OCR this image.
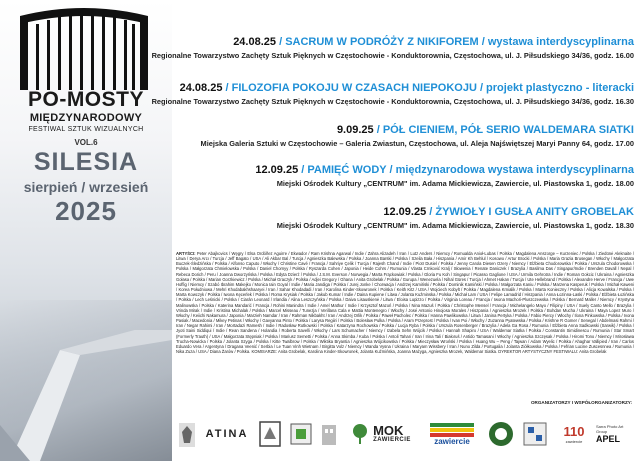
PO-MOSTY
MIĘDZYNARODOWY
FESTIWAL SZTUK WIZUALNYCH
VOL.6
SILESIA
sierpień / wrzesień
2025
24.08.25 / SACRUM W PODRÓŻY Z NIKIFOREM / wystawa interdyscyplinarna
Regionalne Towarzystwo Zachęty Sztuk Pięknych w Częstochowie - Konduktorownia, Częstochowa, ul. J. Piłsudskiego 34/36, godz. 16.00
24.08.25 / FILOZOFIA POKOJU W CZASACH NIEPOKOJU / projekt plastyczno - literacki
Regionalne Towarzystwo Zachęty Sztuk Pięknych w Częstochowie - Konduktorownia, Częstochowa, ul. J. Piłsudskiego 34/36, godz. 16.30
9.09.25 / PÓŁ CIENIEM, PÓŁ SERIO WALDEMARA SIATKI
Miejska Galeria Sztuki w Częstochowie – Galeria Zwiastun, Częstochowa, ul. Aleja Najświętszej Maryi Panny 64, godz. 17.00
12.09.25 / PAMIĘĆ WODY / międzynarodowa wystawa interdyscyplinarna
Miejski Ośrodek Kultury „CENTRUM" im. Adama Mickiewicza, Zawiercie, ul. Piastowska 1, godz. 18.00
12.09.25 / ŻYWIOŁY I GUSŁA ANITY GROBELAK
Miejski Ośrodek Kultury „CENTRUM" im. Adama Mickiewicza, Zawiercie, ul. Piastowska 1, godz. 18.30
ARTYŚCI: Peter Abajkovics / Węgry / Elsa Ordóñez Aguirre / Ekwador / Ram Krishna Agarwal / Indie / Zahra Alizadeh / Iran / Lutz Anders / Niemcy / Romualda Anioł-Lubas / Polska / Magdalena Anszorge – Kurzeniec / Polska / Ziedūnė Aleknaite / Litwa / Derya Arcı / Turcja / Jeff Bagato / USA / Ali Akbar Bal / Turcja / Agnieszka Balewska / Polska / Joanna Barski / Polska / Szeila Bała / Hiszpania / Amir Kh Behlul / Kosowo / Artur Brocki / Polska / Maria Grazia Brusegan / Włochy / Małgorzata Buczek-Śledzińska / Polska / Alfonso Caputo / Włochy / Christine Cavé / Francja / Sahriye Çelik / Turcja / Rajesh Chand / Indie / Piotr Dusiel / Polska / Jenny Carola Diesen Ozery / Niemcy / Elżbieta Chodorowska / Polska / Urszula Chodorowska / Polska / Małgorzata Chmielowska / Polska / Daniel Chornyy / Polska / Ryszarda Cohen / Japonia / Heide Cohrs / Rumunia / Vlasta Crnković Kralj / Słowenia / Renate Daniczek / Brazylia / Basilma Das / Singapur/Indie / Brenden Davall / Nepal / Rebeca Dorich / Peru / Joanna Dworzyńska / Polska / Edyta Dzierż / Polska / J.S.M. Everson / Norwegia / Marta Frąckowiak / Polska / Gloria Fu Koh / Singapur / Picasso Gaglione / USA / Urmila Gehrotra / Indie / Roman Gokcic / Ukraina / Agnieszka Gołasa / Polska / Marian Gorzkiewicz / Polska / Michał Graczyk / Polska / Adjei Gregory / Ghana / Anita Grobelak / Polska / Gurupa / Wenezuela / Nihal Güres / Turcja / Ahmet Hakan / Turcja / Ute Hellebrand / Polska / Alexandre Herve / Francja / Uwe Hoffig / Niemcy / Szabó Ibrahim Makejko / Monica Iain Goyal / Indie / Maria Jandiga / Polska / Jurej Jonke / Chorwacja / Andrzej Kamiński / Polska / Dominik Kamiński / Polska / Małgorzata Kaniu / Polska / Marzena Kasperuk / Polska / Michał Kaweni / Korea Południowa / Mehri Khodabakhshaaryei / Iran / Sahar Khodadadi / Iran / Karolina Kinder-Skowronek / Polska / Keith Kitz / USA / Wojciech Kobylt / Polska / Magdalena Krnialik / Polska / Marta Konieczny / Polska / Alicja Kowalska / Polska / Marta Kowczyk / Polska / Iwona Kęcerlek / Polska / Roma Krysiak / Polska / Jakub Kumar / Indie / Daina Kupiene / Litwa / Jolanta Kuźminska / Polska / Michał Lam / USA / Felipe Lamadrid / Hiszpania / Anna Łozinna-Laski / Polska / Elżbieta Łozińska / Polska / Lech Leśnicki / Polska / Ciarán Leonard / Irlandia / Alina Leszczyńska / Polska / Daiva Lisauskienė / Litwa / Eloisa Lupizzo / Polska / Virginia Loreau / Francja / Iwona Machoń-Pluszczewska / Polska / Bernard Maller / Niemcy / Krystyna Malinowska / Polska / Katerina Mandarić / Francja / Rohini Manindra / Indie / Amel Mathur / Indie / Krzysztof Mazoń / Polska / Nina Mazuś / Polska / Christophe Mensel / Francja / Michelangelo Mayo / Filipiny / USA / Suely Canto Mello / Brazylia / Vrinda Mirak / Indie / Kristina Michalak / Polska / Marcel Misseau / Tunezja / Verillana Cala e Mattia Montenegro / Włochy / José Antonio Hinojosa Morales / Hiszpania / Agnieszka Mrozek / Polska / Bohdan Mucha / Ukraina / Maya Lopez Muro / Włochy / Keiichi Nakamura / Japonia / Marzieh Namdar / Iran / Rahman Nikbakht / Iran / Andrzej Orlik / Polska / Paweł Pacholec / Polska / Hanna Pawlikowska / Litwa / Janina Pertyka / Polska / Fabio Piercy / Włochy / Ilona Pinkowska / Polska / Ivona Pasiak / Macedonia / Mikey Petinas / Włochy / Gavyanna Pinto / Polska / Larysa Regiiri / Polska / Bolesław Pulka / Polska / Aram Przeprost / Polska / Ivan Poi / Włochy / Zuzanna Pyatewska / Polska / Krishne R Gomer / Senegal / Abdelmasi Rahmi / Iran / Negar Rahimi / Iran / Mortadazi Ramesh / Indie / Radosław Rutkowski / Polska / Katarzyna Rochowska / Polska / Lucja Ryba / Polska / Urszula Rosenberger / Brazylia / Adela Ga Rosa / Rumunia / Elżbieta Anna Sadkowski (Sarwik) / Polska / Jyoti Saini Siddiqui / Indie / Rean Sandena / Holandia / Roberta Savelli / Włochy / Lars Schumacher / Niemcy / Izabela Sehn Wójcik / Polska / Hannah Shapiro / USA / Waldemar Siatka / Polska / Constantin Simidinescu / Rumunia / Star Smart (Formerly Trauth) / USA / Małgorzata Stępniak / Polska / Mariusz Semetti / Polska / Anna Skimba / Kuba / Polska / Antoli Tahari / Iran / Irina Tali / Białoruś / Antido Tamasani / Włochy / Agnieszka Szczęsak / Polska / Hiromi Tono / Niemcy / Mirosława Trucha-Nowicka / Polska / Jolanta Szyga / Polska / Kitte Twalbrow / Polska / Wiktika Bryantia / Agnieszka Wójcikowska / Polska / Mieczysław Wroński / Polska / Huang Wu – Peng / Tajwan / Adam Wyelic / Polska / Ahaghar Vallipied / Iran / Carlos Eduardo Vera / Argentyna / Dragana Veenić / Serbia / Le Tuan Vinh Wietnam / Birgitta Volz / Niemcy / Wanda Vysna / Ukraina / Maryam Wissbery / Iran / Nuno Zilda / Portugalia / Jolanta Ziółkowska / Polska / Fefrian Lucine Zuscesnnea / Rumunia / Nika Zuza / USA / Diana Żarów / Polska. KOMISARZE: Anita Grobelak, Karolina Kinder-Skowronek, Jolanta Kuźmińska, Joanna Mażyga, Agnieszka Mrozek, Waldemar Siatka. DYREKTOR ARTYSTYCZNY FESTIWALU: Anita Grobelak
ORGANIZATORZY I WSPÓŁORGANIZATORZY:
ATINA	MOK
ZAWIERCIE	zawiercie
110
zawiercie
Sarra Photo Art Group
APEL
